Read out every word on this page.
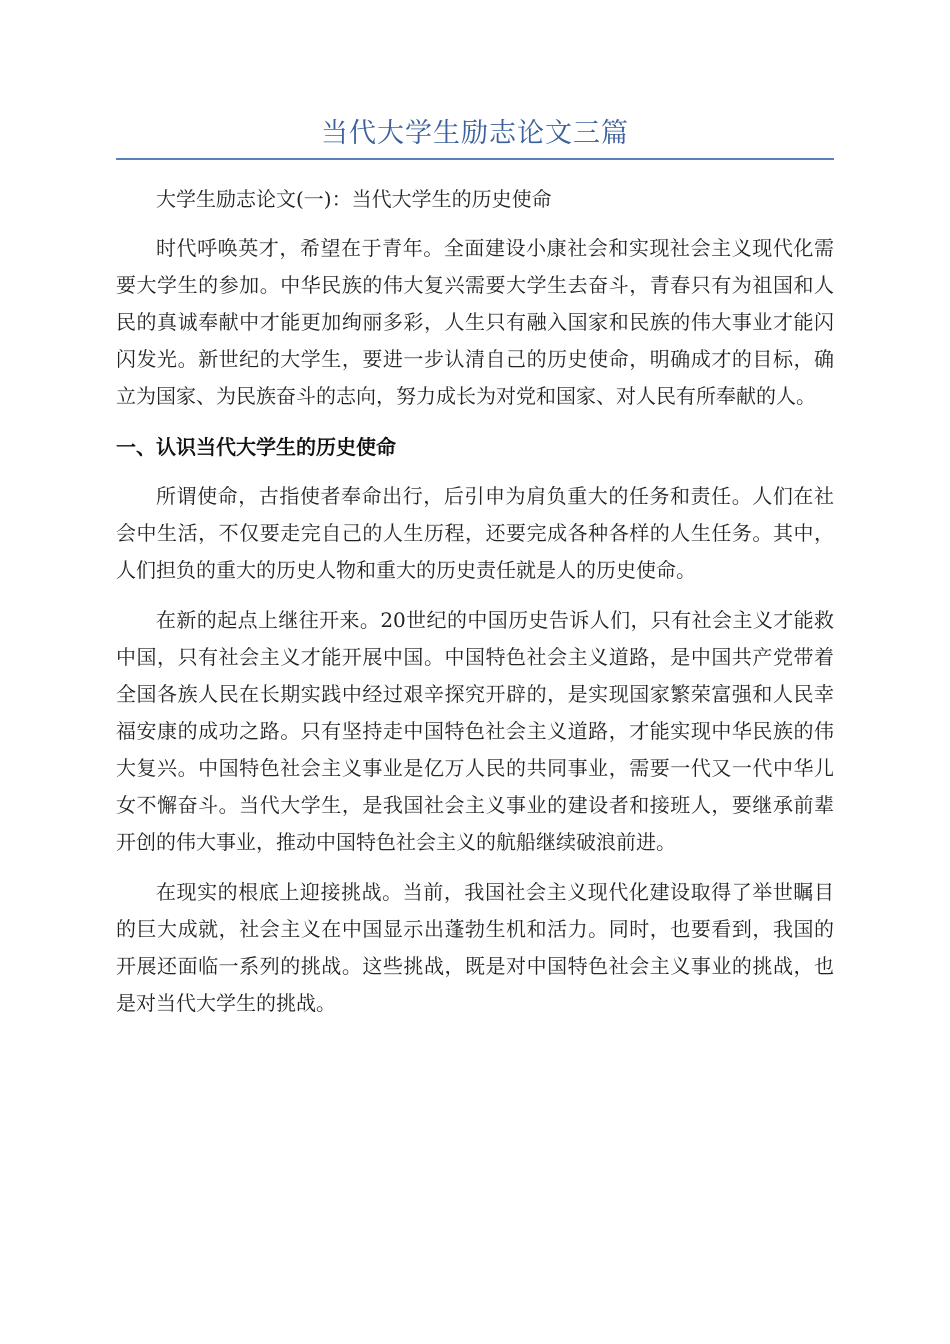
当代大学生励志论文三篇

大学生励志论文(一)：当代大学生的历史使命

时代呼唤英才，希望在于青年。全面建设小康社会和实现社会主义现代化需要大学生的参加。中华民族的伟大复兴需要大学生去奋斗，青春只有为祖国和人民的真诚奉献中才能更加绚丽多彩，人生只有融入国家和民族的伟大事业才能闪闪发光。新世纪的大学生，要进一步认清自己的历史使命，明确成才的目标，确立为国家、为民族奋斗的志向，努力成长为对党和国家、对人民有所奉献的人。

一、认识当代大学生的历史使命

所谓使命，古指使者奉命出行，后引申为肩负重大的任务和责任。人们在社会中生活，不仅要走完自己的人生历程，还要完成各种各样的人生任务。其中，人们担负的重大的历史人物和重大的历史责任就是人的历史使命。

在新的起点上继往开来。20世纪的中国历史告诉人们，只有社会主义才能救中国，只有社会主义才能开展中国。中国特色社会主义道路，是中国共产党带着全国各族人民在长期实践中经过艰辛探究开辟的，是实现国家繁荣富强和人民幸福安康的成功之路。只有坚持走中国特色社会主义道路，才能实现中华民族的伟大复兴。中国特色社会主义事业是亿万人民的共同事业，需要一代又一代中华儿女不懈奋斗。当代大学生，是我国社会主义事业的建设者和接班人，要继承前辈开创的伟大事业，推动中国特色社会主义的航船继续破浪前进。

在现实的根底上迎接挑战。当前，我国社会主义现代化建设取得了举世瞩目的巨大成就，社会主义在中国显示出蓬勃生机和活力。同时，也要看到，我国的开展还面临一系列的挑战。这些挑战，既是对中国特色社会主义事业的挑战，也是对当代大学生的挑战。
